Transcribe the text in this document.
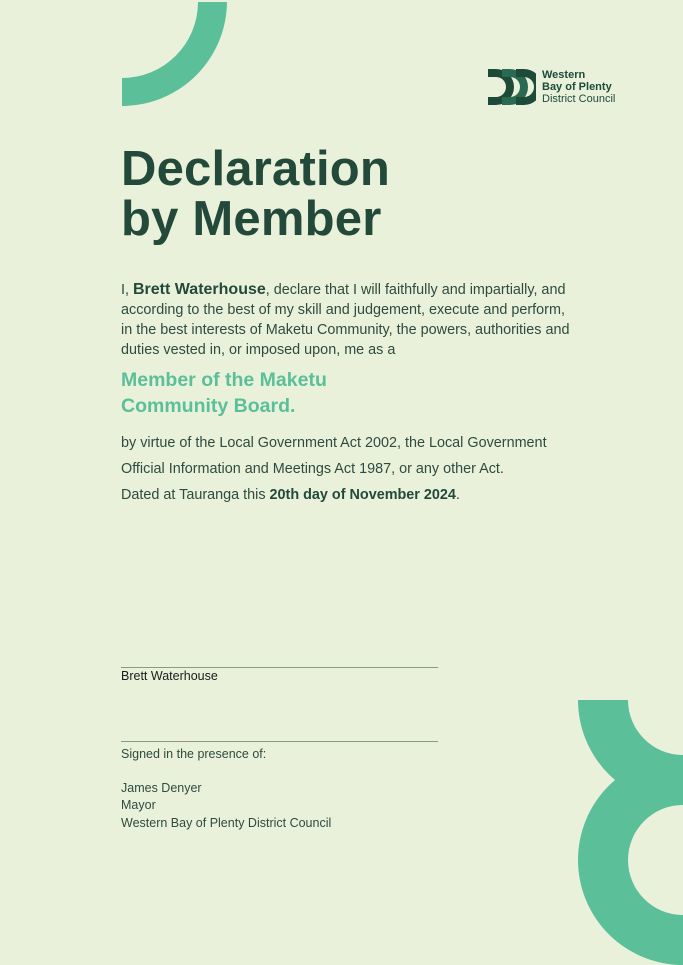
Western
Bay of Plenty
District Council
Declaration
by Member
I, Brett Waterhouse, declare that I will faithfully and impartially, and according to the best of my skill and judgement, execute and perform, in the best interests of Maketu Community, the powers, authorities and duties vested in, or imposed upon, me as a
Member of the Maketu
Community Board.
by virtue of the Local Government Act 2002, the Local Government
Official Information and Meetings Act 1987, or any other Act.
Dated at Tauranga this 20th day of November 2024.
Brett Waterhouse
Signed in the presence of:
James Denyer
Mayor
Western Bay of Plenty District Council
